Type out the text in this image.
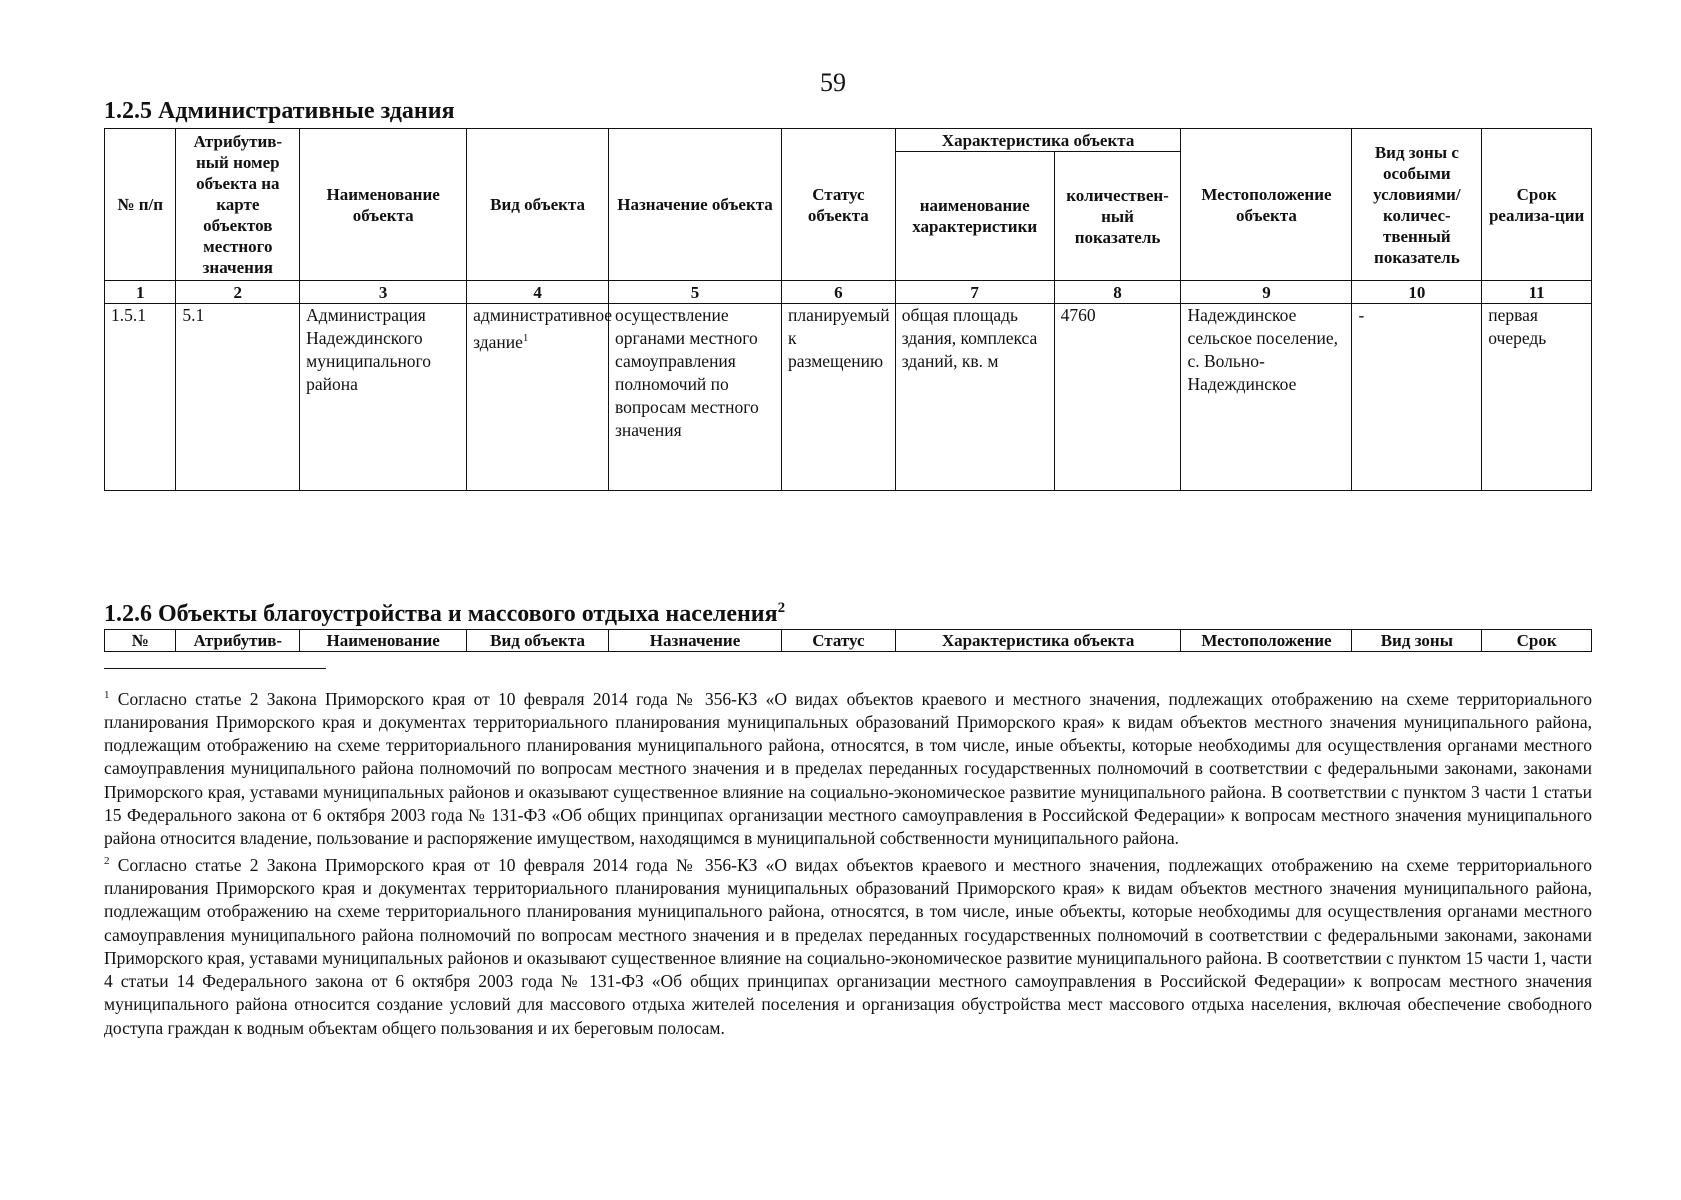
59
1.2.5 Административные здания
№ п/п	Атрибутив-ный номер объекта на карте объектов местного значения	Наименование объекта	Вид объекта	Назначение объекта	Статус объекта	Характеристика объекта		Местоположение объекта	Вид зоны с особыми условиями/ количес-твенный показатель	Срок реализа-ции
						наименование характеристики	количествен-ный показатель			
1	2	3	4	5	6	7	8	9	10	11
1.5.1	5.1	Администрация Надеждинского муниципального района	административное здание$^1$	осуществление органами местного самоуправления полномочий по вопросам местного значения	планируемый к размещению	общая площадь здания, комплекса зданий, кв. м	4760	Надеждинское сельское поселение, с. Вольно-Надеждинское	-	первая очередь
1.2.6 Объекты благоустройства и массового отдыха населения$^2$
№	Атрибутив-	Наименование	Вид объекта	Назначение	Статус	Характеристика объекта	Местоположение	Вид зоны	Срок

$^1$ Согласно статье 2 Закона Приморского края от 10 февраля 2014 года № 356-КЗ «О видах объектов краевого и местного значения, подлежащих отображению на схеме территориального планирования Приморского края и документах территориального планирования муниципальных образований Приморского края» к видам объектов местного значения муниципального района, подлежащим отображению на схеме территориального планирования муниципального района, относятся, в том числе, иные объекты, которые необходимы для осуществления органами местного самоуправления муниципального района полномочий по вопросам местного значения и в пределах переданных государственных полномочий в соответствии с федеральными законами, законами Приморского края, уставами муниципальных районов и оказывают существенное влияние на социально-экономическое развитие муниципального района. В соответствии с пунктом 3 части 1 статьи 15 Федерального закона от 6 октября 2003 года № 131-ФЗ «Об общих принципах организации местного самоуправления в Российской Федерации» к вопросам местного значения муниципального района относится владение, пользование и распоряжение имуществом, находящимся в муниципальной собственности муниципального района.

$^2$ Согласно статье 2 Закона Приморского края от 10 февраля 2014 года № 356-КЗ «О видах объектов краевого и местного значения, подлежащих отображению на схеме территориального планирования Приморского края и документах территориального планирования муниципальных образований Приморского края» к видам объектов местного значения муниципального района, подлежащим отображению на схеме территориального планирования муниципального района, относятся, в том числе, иные объекты, которые необходимы для осуществления органами местного самоуправления муниципального района полномочий по вопросам местного значения и в пределах переданных государственных полномочий в соответствии с федеральными законами, законами Приморского края, уставами муниципальных районов и оказывают существенное влияние на социально-экономическое развитие муниципального района. В соответствии с пунктом 15 части 1, части 4 статьи 14 Федерального закона от 6 октября 2003 года № 131-ФЗ «Об общих принципах организации местного самоуправления в Российской Федерации» к вопросам местного значения муниципального района относится создание условий для массового отдыха жителей поселения и организация обустройства мест массового отдыха населения, включая обеспечение свободного доступа граждан к водным объектам общего пользования и их береговым полосам.
